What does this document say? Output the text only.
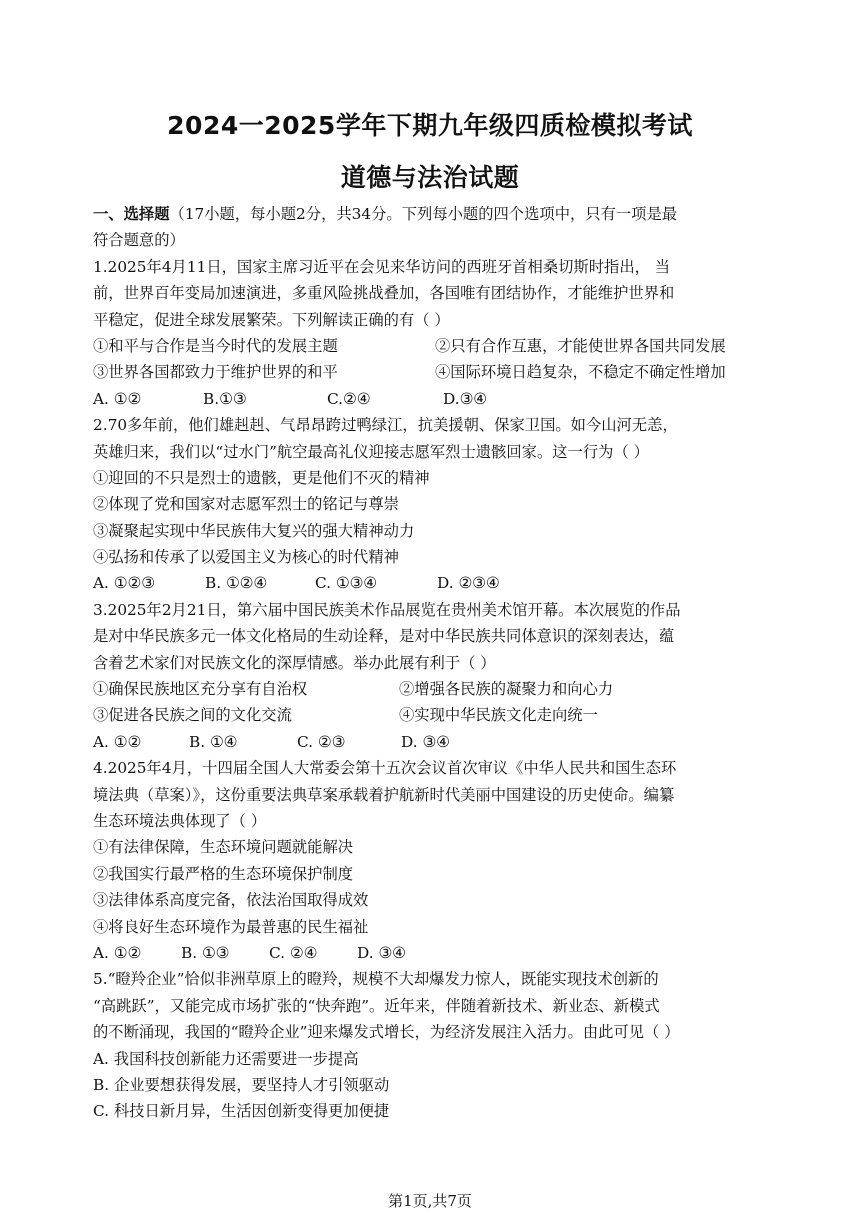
2024一2025学年下期九年级四质检模拟考试
道德与法治试题
一、选择题（17小题，每小题2分，共34分。下列每小题的四个选项中，只有一项是最
符合题意的）
1.2025年4月11日，国家主席习近平在会见来华访问的西班牙首相桑切斯时指出， 当
前，世界百年变局加速演进，多重风险挑战叠加，各国唯有团结协作，才能维护世界和
平稳定，促进全球发展繁荣。下列解读正确的有（ ）
①和平与合作是当今时代的发展主题	②只有合作互惠，才能使世界各国共同发展
③世界各国都致力于维护世界的和平	④国际环境日趋复杂，不稳定不确定性增加
A. ①②	B.①③	C.②④	D.③④
2.70多年前，他们雄赳赳、气昂昂跨过鸭绿江，抗美援朝、保家卫国。如今山河无恙，
英雄归来，我们以“过水门”航空最高礼仪迎接志愿军烈士遗骸回家。这一行为（ ）
①迎回的不只是烈士的遗骸，更是他们不灭的精神
②体现了党和国家对志愿军烈士的铭记与尊崇
③凝聚起实现中华民族伟大复兴的强大精神动力
④弘扬和传承了以爱国主义为核心的时代精神
A. ①②③	B. ①②④	C. ①③④	D. ②③④
3.2025年2月21日，第六届中国民族美术作品展览在贵州美术馆开幕。本次展览的作品
是对中华民族多元一体文化格局的生动诠释，是对中华民族共同体意识的深刻表达，蕴
含着艺术家们对民族文化的深厚情感。举办此展有利于（ ）
①确保民族地区充分享有自治权	②增强各民族的凝聚力和向心力
③促进各民族之间的文化交流	④实现中华民族文化走向统一
A. ①②	B. ①④	C. ②③	D. ③④
4.2025年4月，十四届全国人大常委会第十五次会议首次审议《中华人民共和国生态环
境法典（草案）》，这份重要法典草案承载着护航新时代美丽中国建设的历史使命。编纂
生态环境法典体现了（ ）
①有法律保障，生态环境问题就能解决
②我国实行最严格的生态环境保护制度
③法律体系高度完备，依法治国取得成效
④将良好生态环境作为最普惠的民生福祉
A. ①②	B. ①③	C. ②④	D. ③④
5.“瞪羚企业”恰似非洲草原上的瞪羚，规模不大却爆发力惊人，既能实现技术创新的
“高跳跃”，又能完成市场扩张的“快奔跑”。近年来，伴随着新技术、新业态、新模式
的不断涌现，我国的“瞪羚企业”迎来爆发式增长，为经济发展注入活力。由此可见（ ）
A. 我国科技创新能力还需要进一步提高
B. 企业要想获得发展，要坚持人才引领驱动
C. 科技日新月异，生活因创新变得更加便捷
第1页,共7页
